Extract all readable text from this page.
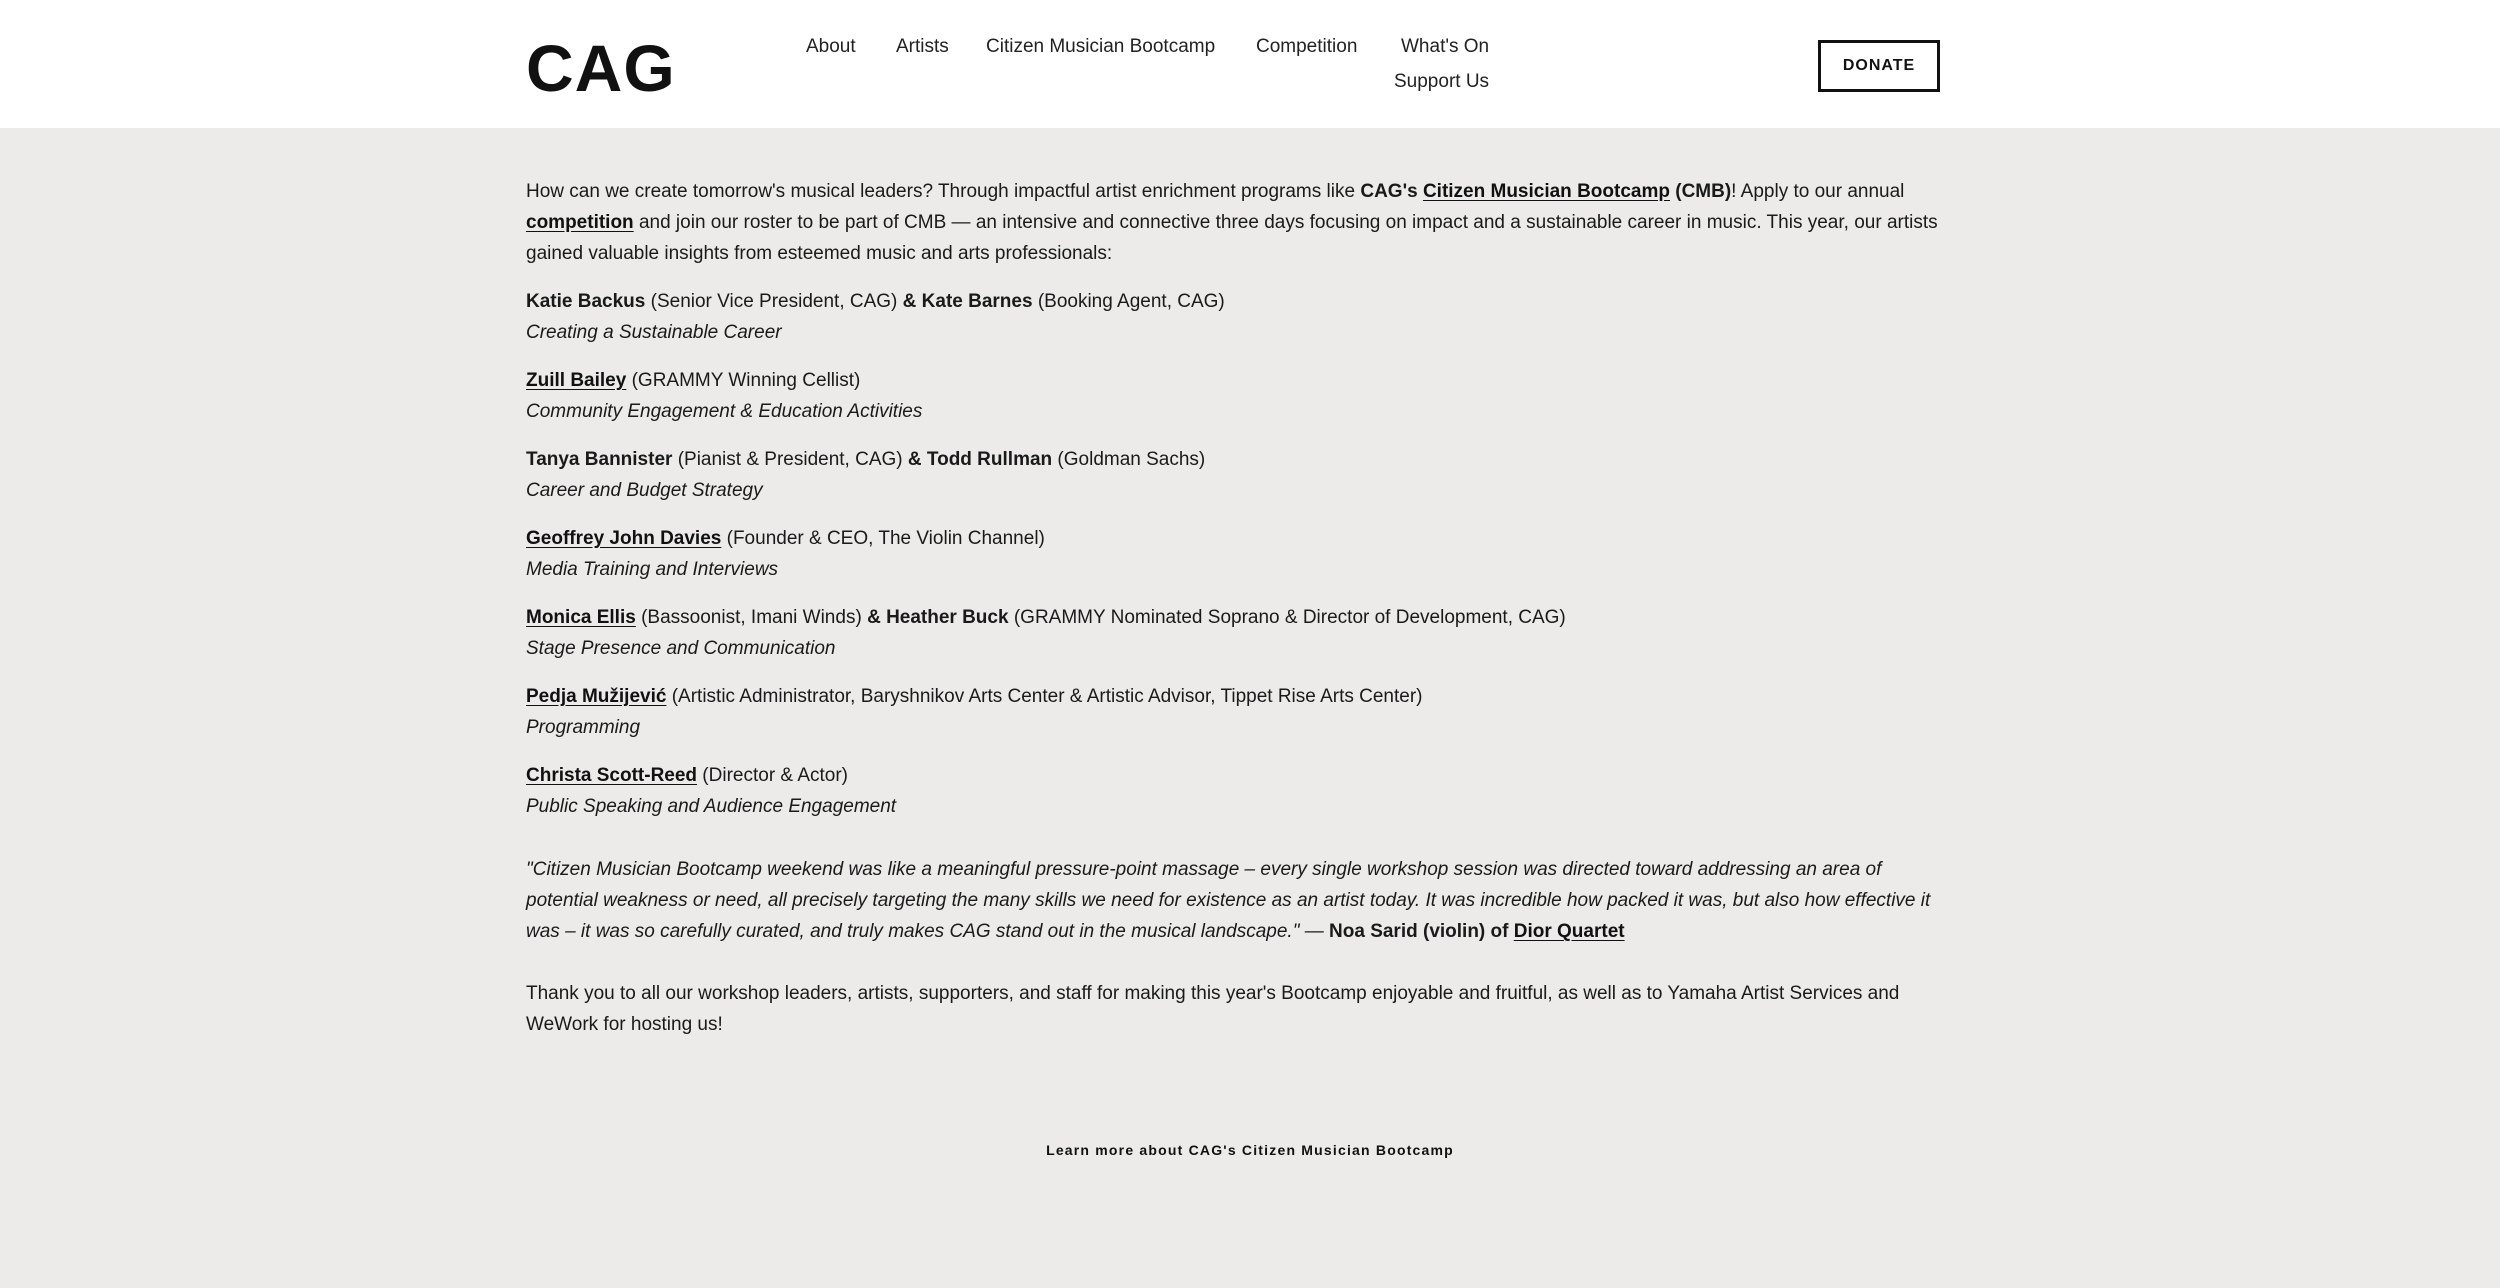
CAG	About Artists Citizen Musician Bootcamp Competition What's On
Support Us
DONATE

How can we create tomorrow's musical leaders? Through impactful artist enrichment programs like CAG's Citizen Musician Bootcamp (CMB)! Apply to our annual competition and join our roster to be part of CMB — an intensive and connective three days focusing on impact and a sustainable career in music. This year, our artists gained valuable insights from esteemed music and arts professionals:

Katie Backus (Senior Vice President, CAG) & Kate Barnes (Booking Agent, CAG)

Creating a Sustainable Career

Zuill Bailey (GRAMMY Winning Cellist)

Community Engagement & Education Activities

Tanya Bannister (Pianist & President, CAG) & Todd Rullman (Goldman Sachs)

Career and Budget Strategy

Geoffrey John Davies (Founder & CEO, The Violin Channel)

Media Training and Interviews

Monica Ellis (Bassoonist, Imani Winds) & Heather Buck (GRAMMY Nominated Soprano & Director of Development, CAG)

Stage Presence and Communication

Pedja Mužijević (Artistic Administrator, Baryshnikov Arts Center & Artistic Advisor, Tippet Rise Arts Center)

Programming

Christa Scott-Reed (Director & Actor)

Public Speaking and Audience Engagement

"Citizen Musician Bootcamp weekend was like a meaningful pressure-point massage – every single workshop session was directed toward addressing an area of potential weakness or need, all precisely targeting the many skills we need for existence as an artist today. It was incredible how packed it was, but also how effective it was – it was so carefully curated, and truly makes CAG stand out in the musical landscape." — Noa Sarid (violin) of Dior Quartet

Thank you to all our workshop leaders, artists, supporters, and staff for making this year's Bootcamp enjoyable and fruitful, as well as to Yamaha Artist Services and WeWork for hosting us!

Learn more about CAG's Citizen Musician Bootcamp
